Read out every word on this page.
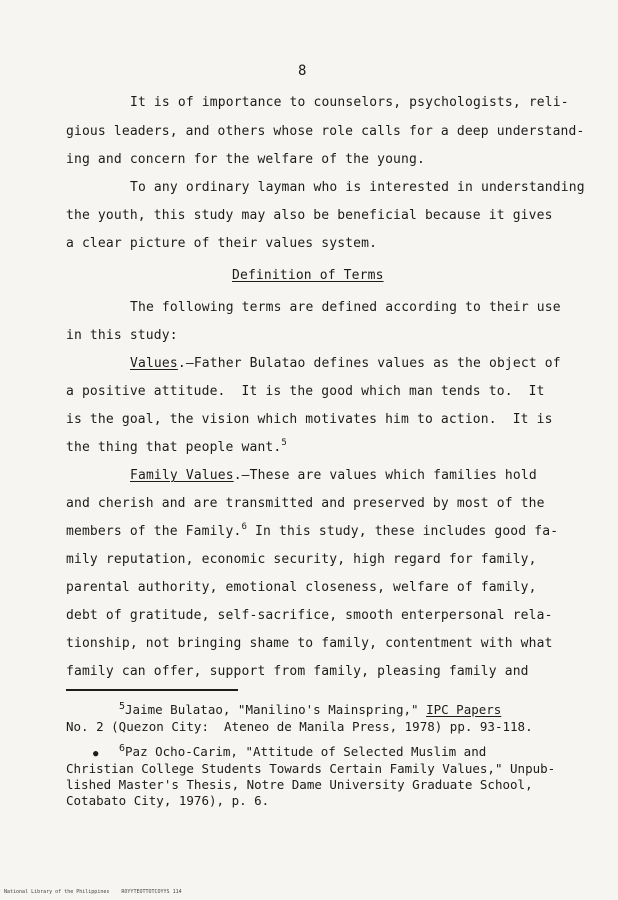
8
It is of importance to counselors, psychologists, reli-
gious leaders, and others whose role calls for a deep understand-
ing and concern for the welfare of the young.
To any ordinary layman who is interested in understanding
the youth, this study may also be beneficial because it gives
a clear picture of their values system.
Definition of Terms
The following terms are defined according to their use
in this study:
Values.—Father Bulatao defines values as the object of
a positive attitude.  It is the good which man tends to.  It
is the goal, the vision which motivates him to action.  It is
the thing that people want.$^5$
Family Values.—These are values which families hold
and cherish and are transmitted and preserved by most of the
members of the Family.$^6$ In this study, these includes good fa-
mily reputation, economic security, high regard for family,
parental authority, emotional closeness, welfare of family,
debt of gratitude, self-sacrifice, smooth enterpersonal rela-
tionship, not bringing shame to family, contentment with what
family can offer, support from family, pleasing family and
$^5$Jaime Bulatao, "Manilino's Mainspring," IPC Papers
No. 2 (Quezon City:  Ateneo de Manila Press, 1978) pp. 93-118.
● $^6$Paz Ocho-Carim, "Attitude of Selected Muslim and
Christian College Students Towards Certain Family Values," Unpub-
lished Master's Thesis, Notre Dame University Graduate School,
Cotabato City, 1976), p. 6.
National Library of the Philippines    ROYYTEOTTOTCOYYS 114
